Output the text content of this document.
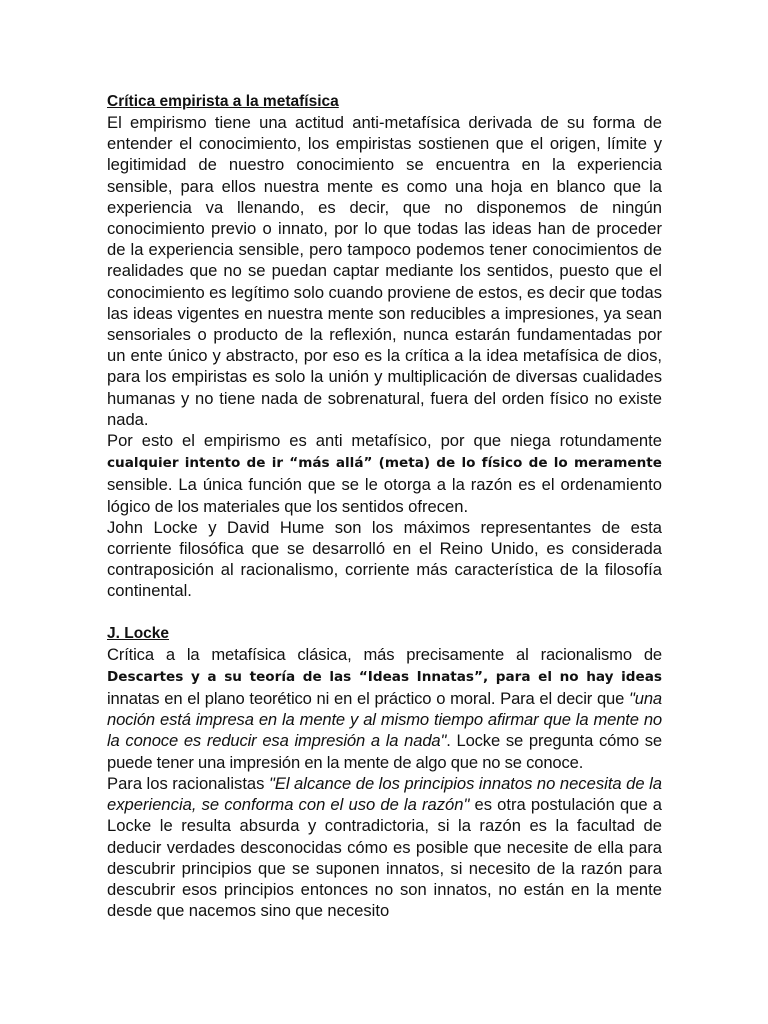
Crítica empirista a la metafísica

El empirismo tiene una actitud anti-metafísica derivada de su forma de entender el conocimiento, los empiristas sostienen que el origen, límite y legitimidad de nuestro conocimiento se encuentra en la experiencia sensible, para ellos nuestra mente es como una hoja en blanco que la experiencia va llenando, es decir, que no disponemos de ningún conocimiento previo o innato, por lo que todas las ideas han de proceder de la experiencia sensible, pero tampoco podemos tener conocimientos de realidades que no se puedan captar mediante los sentidos, puesto que el conocimiento es legítimo solo cuando proviene de estos, es decir que todas las ideas vigentes en nuestra mente son reducibles a impresiones, ya sean sensoriales o producto de la reflexión, nunca estarán fundamentadas por un ente único y abstracto, por eso es la crítica a la idea metafísica de dios, para los empiristas es solo la unión y multiplicación de diversas cualidades humanas y no tiene nada de sobrenatural, fuera del orden físico no existe nada.

Por esto el empirismo es anti metafísico, por que niega rotundamente cualquier intento de ir “más allá” (meta) de lo físico de lo meramente sensible. La única función que se le otorga a la razón es el ordenamiento lógico de los materiales que los sentidos ofrecen.

John Locke y David Hume son los máximos representantes de esta corriente filosófica que se desarrolló en el Reino Unido, es considerada contraposición al racionalismo, corriente más característica de la filosofía continental.

J. Locke

Crítica a la metafísica clásica, más precisamente al racionalismo de Descartes y a su teoría de las “Ideas Innatas”, para el no hay ideas innatas en el plano teorético ni en el práctico o moral. Para el decir que "una noción está impresa en la mente y al mismo tiempo afirmar que la mente no la conoce es reducir esa impresión a la nada". Locke se pregunta cómo se puede tener una impresión en la mente de algo que no se conoce.

Para los racionalistas "El alcance de los principios innatos no necesita de la experiencia, se conforma con el uso de la razón" es otra postulación que a Locke le resulta absurda y contradictoria, si la razón es la facultad de deducir verdades desconocidas cómo es posible que necesite de ella para descubrir principios que se suponen innatos, si necesito de la razón para descubrir esos principios entonces no son innatos, no están en la mente desde que nacemos sino que necesito
